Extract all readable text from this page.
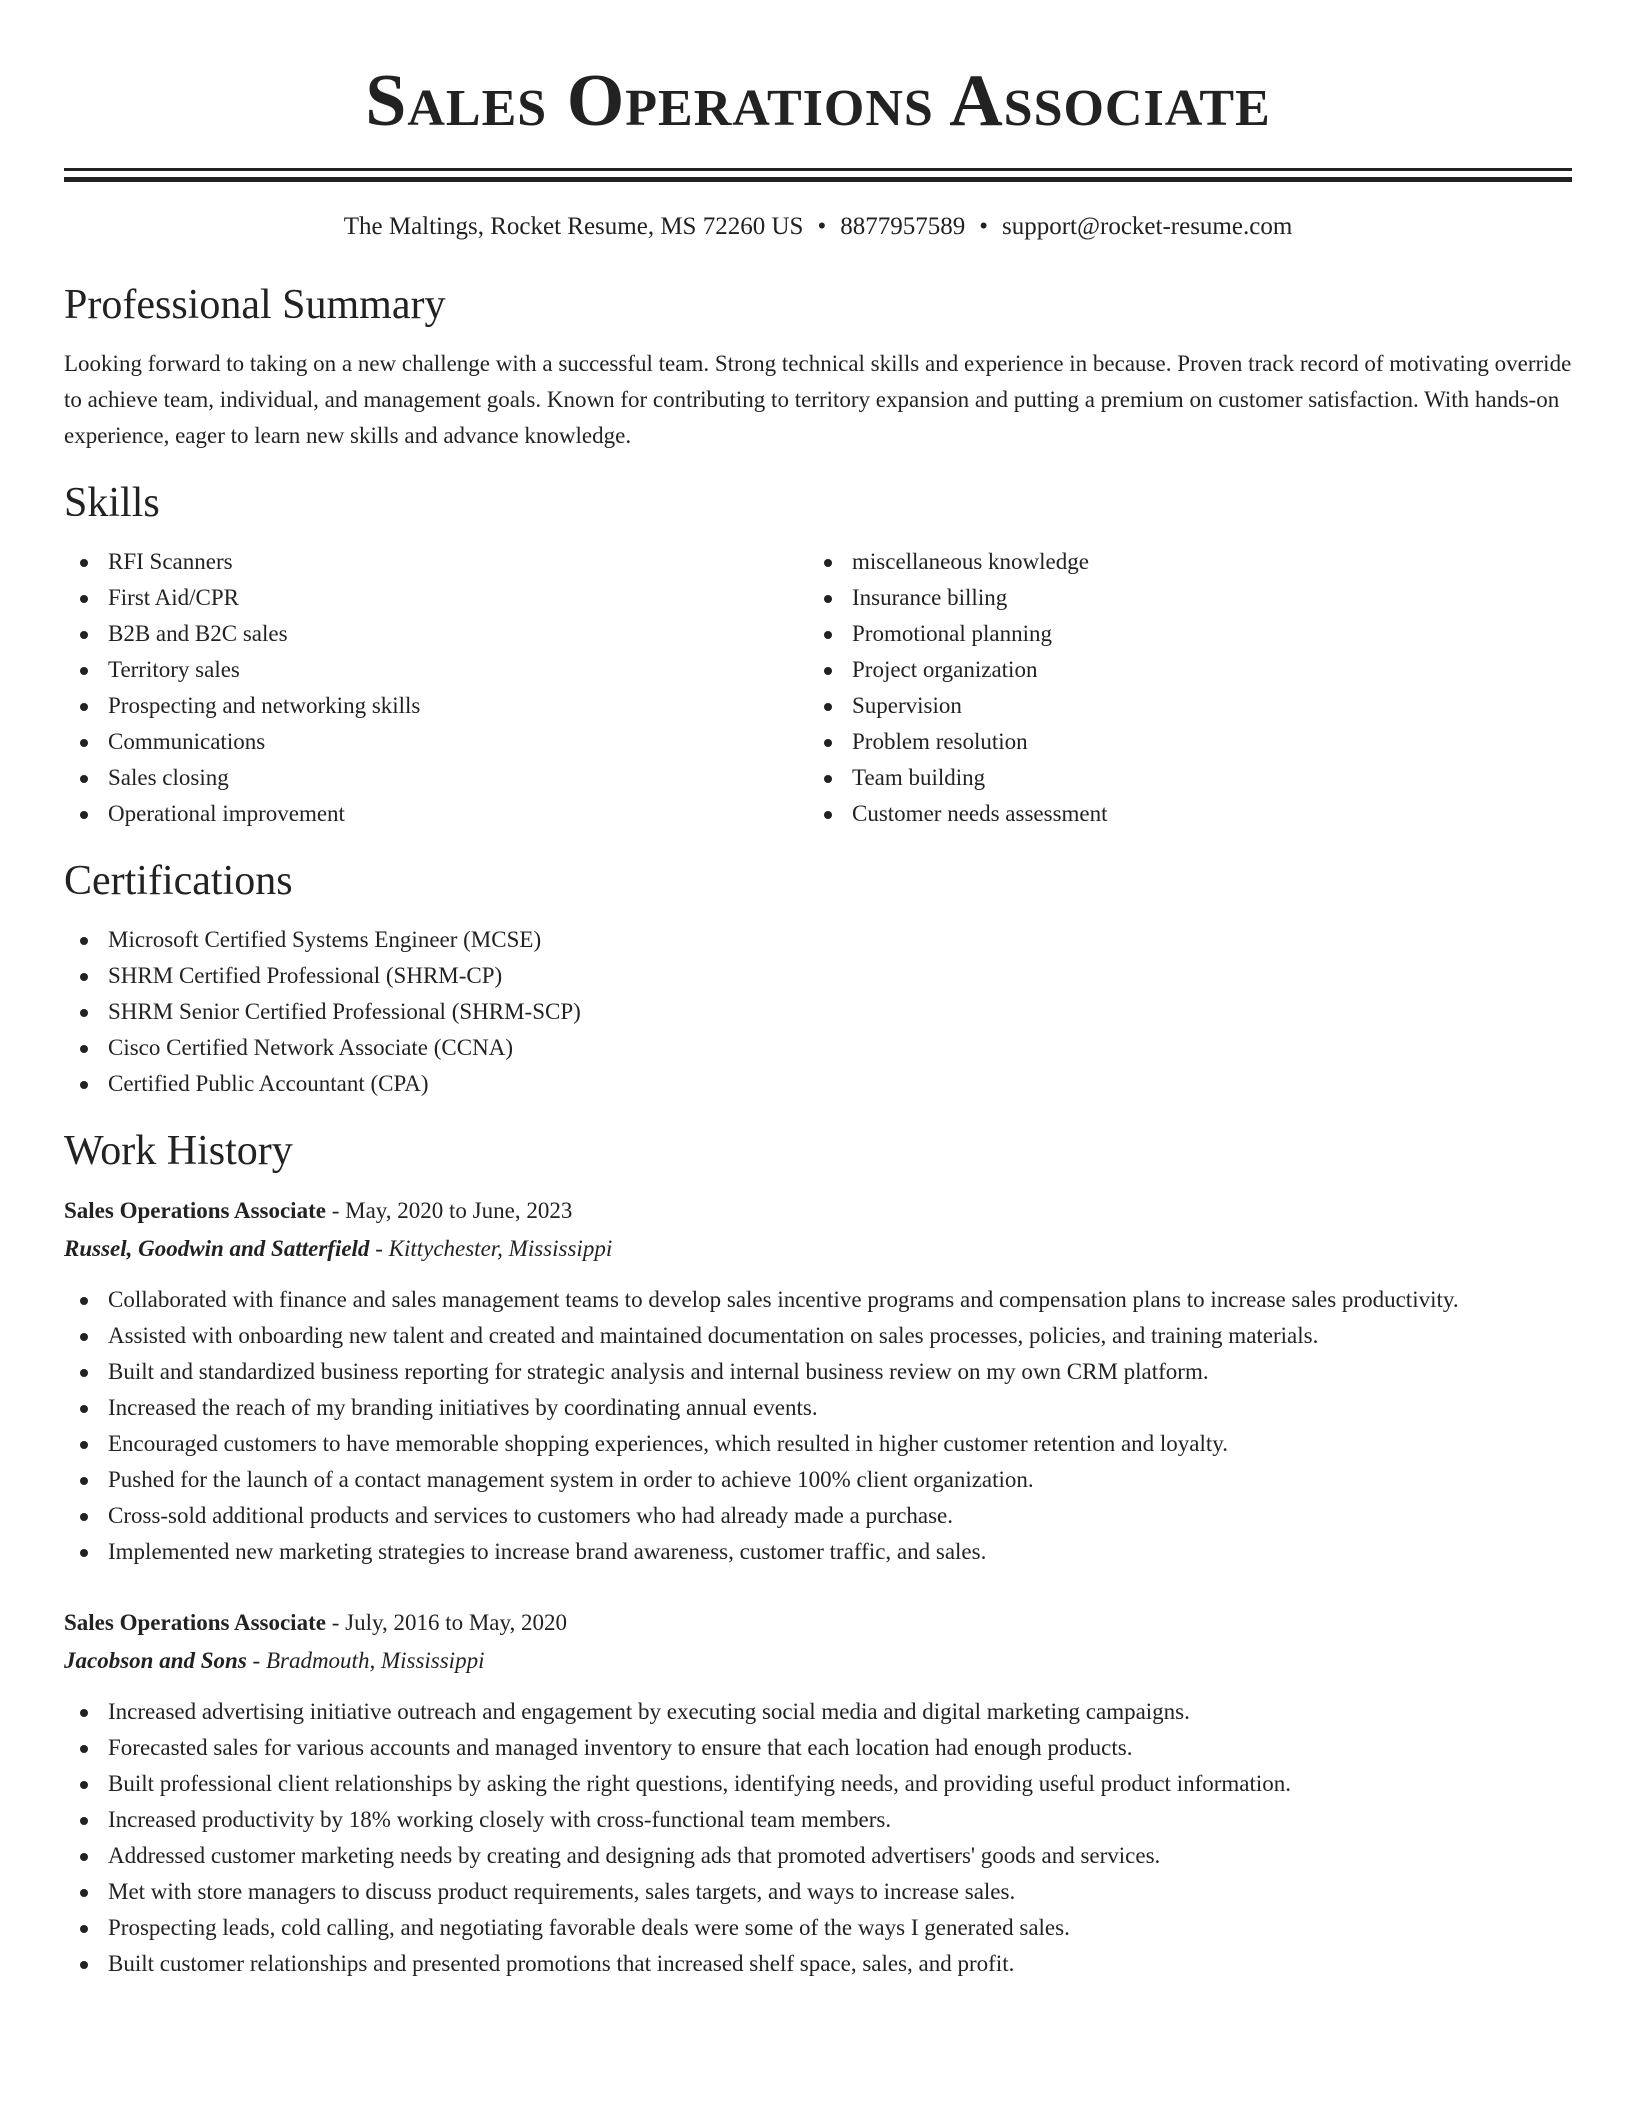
Sales Operations Associate
The Maltings, Rocket Resume, MS 72260 US • 8877957589 • support@rocket-resume.com
Professional Summary

Looking forward to taking on a new challenge with a successful team. Strong technical skills and experience in because. Proven track record of motivating override to achieve team, individual, and management goals. Known for contributing to territory expansion and putting a premium on customer satisfaction. With hands-on experience, eager to learn new skills and advance knowledge.

Skills
RFI Scanners
First Aid/CPR
B2B and B2C sales
Territory sales
Prospecting and networking skills
Communications
Sales closing
Operational improvement
miscellaneous knowledge
Insurance billing
Promotional planning
Project organization
Supervision
Problem resolution
Team building
Customer needs assessment
Certifications
Microsoft Certified Systems Engineer (MCSE)
SHRM Certified Professional (SHRM-CP)
SHRM Senior Certified Professional (SHRM-SCP)
Cisco Certified Network Associate (CCNA)
Certified Public Accountant (CPA)
Work History
Sales Operations Associate - May, 2020 to June, 2023
Russel, Goodwin and Satterfield - Kittychester, Mississippi
Collaborated with finance and sales management teams to develop sales incentive programs and compensation plans to increase sales productivity.
Assisted with onboarding new talent and created and maintained documentation on sales processes, policies, and training materials.
Built and standardized business reporting for strategic analysis and internal business review on my own CRM platform.
Increased the reach of my branding initiatives by coordinating annual events.
Encouraged customers to have memorable shopping experiences, which resulted in higher customer retention and loyalty.
Pushed for the launch of a contact management system in order to achieve 100% client organization.
Cross-sold additional products and services to customers who had already made a purchase.
Implemented new marketing strategies to increase brand awareness, customer traffic, and sales.
Sales Operations Associate - July, 2016 to May, 2020
Jacobson and Sons - Bradmouth, Mississippi
Increased advertising initiative outreach and engagement by executing social media and digital marketing campaigns.
Forecasted sales for various accounts and managed inventory to ensure that each location had enough products.
Built professional client relationships by asking the right questions, identifying needs, and providing useful product information.
Increased productivity by 18% working closely with cross-functional team members.
Addressed customer marketing needs by creating and designing ads that promoted advertisers' goods and services.
Met with store managers to discuss product requirements, sales targets, and ways to increase sales.
Prospecting leads, cold calling, and negotiating favorable deals were some of the ways I generated sales.
Built customer relationships and presented promotions that increased shelf space, sales, and profit.
